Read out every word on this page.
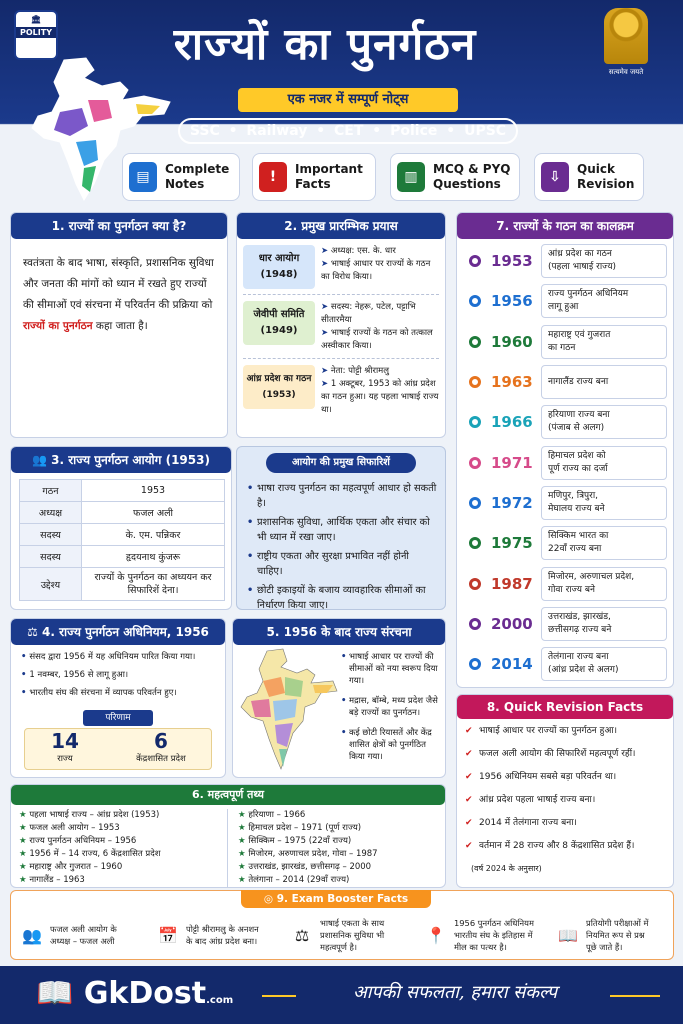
🏛
POLITY	राज्यों का पुनर्गठन
एक नजर में सम्पूर्ण नोट्स
SSC • Railway • CET • Police • UPSC
सत्यमेव जयते
▤	Complete
Notes	!	Important
Facts	▥	MCQ & PYQ
Questions	⇩	Quick
Revision
1. राज्यों का पुनर्गठन क्या है?

स्वतंत्रता के बाद भाषा, संस्कृति, प्रशासनिक सुविधा और जनता की मांगों को ध्यान में रखते हुए राज्यों की सीमाओं एवं संरचना में परिवर्तन की प्रक्रिया को राज्यों का पुनर्गठन कहा जाता है।

2. प्रमुख प्रारम्भिक प्रयास
धार आयोग
(1948)
➤ अध्यक्ष: एस. के. धार
➤ भाषाई आधार पर राज्यों के गठन का विरोध किया।
जेवीपी समिति
(1949)
➤ सदस्य: नेहरू, पटेल, पट्टाभि सीतारमैया
➤ भाषाई राज्यों के गठन को तत्काल अस्वीकार किया।
आंध्र प्रदेश का गठन
(1953)
➤ नेता: पोट्टी श्रीरामलु
➤ 1 अक्टूबर, 1953 को आंध्र प्रदेश का गठन हुआ। यह पहला भाषाई राज्य था।
7. राज्यों के गठन का कालक्रम
1953	आंध्र प्रदेश का गठन
(पहला भाषाई राज्य)
1956	राज्य पुनर्गठन अधिनियम
लागू हुआ
1960	महाराष्ट्र एवं गुजरात
का गठन
1963	नागालैंड राज्य बना
1966	हरियाणा राज्य बना
(पंजाब से अलग)
1971	हिमाचल प्रदेश को
पूर्ण राज्य का दर्जा
1972	मणिपुर, त्रिपुरा,
मेघालय राज्य बने
1975	सिक्किम भारत का
22वाँ राज्य बना
1987	मिजोरम, अरुणाचल प्रदेश,
गोवा राज्य बने
2000	उत्तराखंड, झारखंड,
छत्तीसगढ़ राज्य बने
2014	तेलंगाना राज्य बना
(आंध्र प्रदेश से अलग)
👥 3. राज्य पुनर्गठन आयोग (1953)
गठन	1953
अध्यक्ष	फजल अली
सदस्य	के. एम. पन्निकर
सदस्य	हृदयनाथ कुंजरू
उद्देश्य	राज्यों के पुनर्गठन का अध्ययन कर सिफारिशें देना।
आयोग की प्रमुख सिफारिशें
• भाषा राज्य पुनर्गठन का महत्वपूर्ण आधार हो सकती है।
• प्रशासनिक सुविधा, आर्थिक एकता और संचार को भी ध्यान में रखा जाए।
• राष्ट्रीय एकता और सुरक्षा प्रभावित नहीं होनी चाहिए।
• छोटी इकाइयों के बजाय व्यावहारिक सीमाओं का निर्धारण किया जाए।
⚖ 4. राज्य पुनर्गठन अधिनियम, 1956
• संसद द्वारा 1956 में यह अधिनियम पारित किया गया।
• 1 नवम्बर, 1956 से लागू हुआ।
• भारतीय संघ की संरचना में व्यापक परिवर्तन हुए।
परिणाम
14
राज्य
6
केंद्रशासित प्रदेश
5. 1956 के बाद राज्य संरचना
• भाषाई आधार पर राज्यों की सीमाओं को नया स्वरूप दिया गया।
• मद्रास, बॉम्बे, मध्य प्रदेश जैसे बड़े राज्यों का पुनर्गठन।
• कई छोटी रियासतें और केंद्र शासित क्षेत्रों को पुनर्गठित किया गया।
6. महत्वपूर्ण तथ्य
★ पहला भाषाई राज्य – आंध्र प्रदेश (1953)
★ फजल अली आयोग – 1953
★ राज्य पुनर्गठन अधिनियम – 1956
★ 1956 में – 14 राज्य, 6 केंद्रशासित प्रदेश
★ महाराष्ट्र और गुजरात – 1960
★ नागालैंड – 1963
★ हरियाणा – 1966
★ हिमाचल प्रदेश – 1971 (पूर्ण राज्य)
★ सिक्किम – 1975 (22वाँ राज्य)
★ मिजोरम, अरुणाचल प्रदेश, गोवा – 1987
★ उत्तराखंड, झारखंड, छत्तीसगढ़ – 2000
★ तेलंगाना – 2014 (29वाँ राज्य)
8. Quick Revision Facts
✔ भाषाई आधार पर राज्यों का पुनर्गठन हुआ।
✔ फजल अली आयोग की सिफारिशें महत्वपूर्ण रहीं।
✔ 1956 अधिनियम सबसे बड़ा परिवर्तन था।
✔ आंध्र प्रदेश पहला भाषाई राज्य बना।
✔ 2014 में तेलंगाना राज्य बना।
✔ वर्तमान में 28 राज्य और 8 केंद्रशासित प्रदेश हैं।
(वर्ष 2024 के अनुसार)
◎ 9. Exam Booster Facts
👥 फजल अली आयोग के
अध्यक्ष – फजल अली	📅 पोट्टी श्रीरामलु के अनशन
के बाद आंध्र प्रदेश बना।	⚖
भाषाई एकता के साथ
प्रशासनिक सुविधा भी
महत्वपूर्ण है।
📍
1956 पुनर्गठन अधिनियम
भारतीय संघ के इतिहास में
मील का पत्थर है।
📖
प्रतियोगी परीक्षाओं में
नियमित रूप से प्रश्न
पूछे जाते हैं।
📖 GkDost.com	आपकी सफलता, हमारा संकल्प
